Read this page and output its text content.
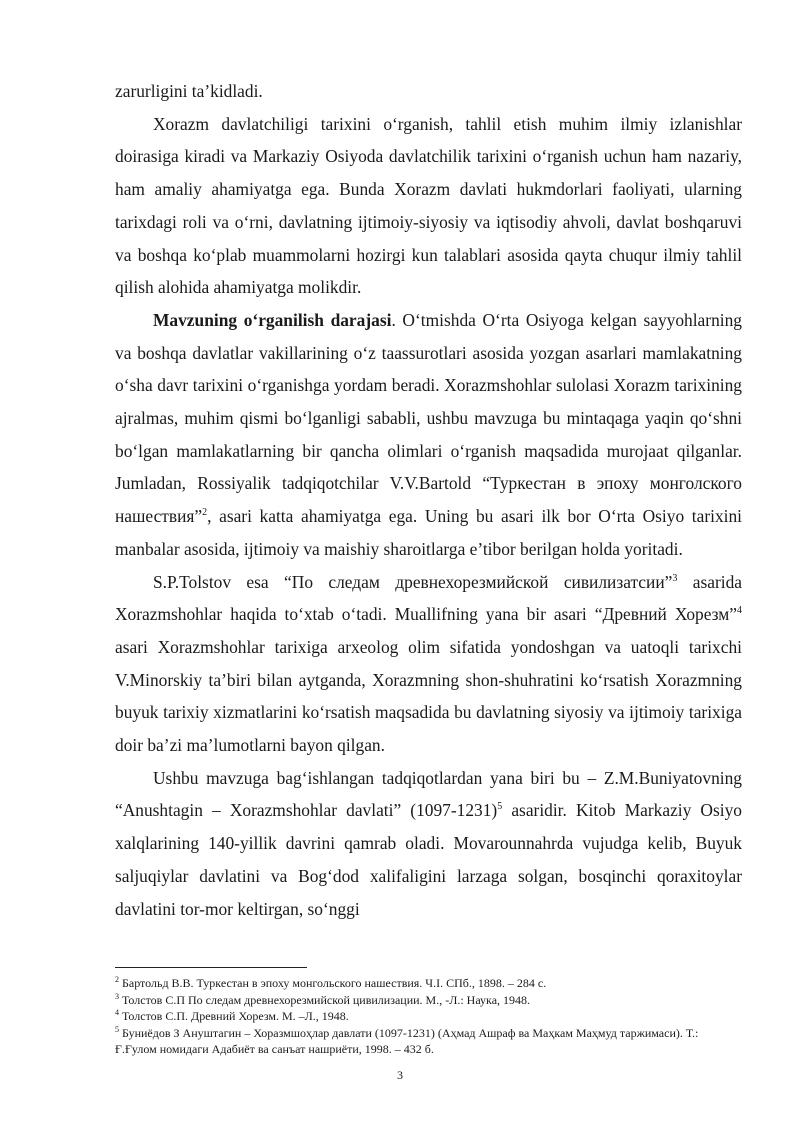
zarurligini ta’kidladi.

Xorazm davlatchiligi tarixini oʻrganish, tahlil etish muhim ilmiy izlanishlar doirasiga kiradi va Markaziy Osiyoda davlatchilik tarixini oʻrganish uchun ham nazariy, ham amaliy ahamiyatga ega. Bunda Xorazm davlati hukmdorlari faoliyati, ularning tarixdagi roli va oʻrni, davlatning ijtimoiy-siyosiy va iqtisodiy ahvoli, davlat boshqaruvi va boshqa koʻplab muammolarni hozirgi kun talablari asosida qayta chuqur ilmiy tahlil qilish alohida ahamiyatga molikdir.

Mavzuning oʻrganilish darajasi. Oʻtmishda Oʻrta Osiyoga kelgan sayyohlarning va boshqa davlatlar vakillarining oʻz taassurotlari asosida yozgan asarlari mamlakatning oʻsha davr tarixini oʻrganishga yordam beradi. Xorazmshohlar sulolasi Xorazm tarixining ajralmas, muhim qismi boʻlganligi sababli, ushbu mavzuga bu mintaqaga yaqin qoʻshni boʻlgan mamlakatlarning bir qancha olimlari oʻrganish maqsadida murojaat qilganlar. Jumladan, Rossiyalik tadqiqotchilar V.V.Bartold “Туркестан в эпоху монголского нашествия”$^2$, asari katta ahamiyatga ega. Uning bu asari ilk bor Oʻrta Osiyo tarixini manbalar asosida, ijtimoiy va maishiy sharoitlarga e’tibor berilgan holda yoritadi.

S.P.Tolstov esa “По следам древнехорезмийской сивилизатсии”$^3$ asarida Xorazmshohlar haqida toʻxtab oʻtadi. Muallifning yana bir asari “Древний Хорезм”$^4$ asari Xorazmshohlar tarixiga arxeolog olim sifatida yondoshgan va uatoqli tarixchi V.Minorskiy ta’biri bilan aytganda, Xorazmning shon-shuhratini koʻrsatish Xorazmning buyuk tarixiy xizmatlarini koʻrsatish maqsadida bu davlatning siyosiy va ijtimoiy tarixiga doir ba’zi ma’lumotlarni bayon qilgan.

Ushbu mavzuga bagʻishlangan tadqiqotlardan yana biri bu – Z.M.Buniyatovning “Anushtagin – Xorazmshohlar davlati” (1097-1231)$^5$ asaridir. Kitob Markaziy Osiyo xalqlarining 140-yillik davrini qamrab oladi. Movarounnahrda vujudga kelib, Buyuk saljuqiylar davlatini va Bogʻdod xalifaligini larzaga solgan, bosqinchi qoraxitoylar davlatini tor-mor keltirgan, soʻnggi

$^2$ Бартольд В.В. Туркестан в эпоху монгольского нашествия. Ч.I. СПб., 1898. – 284 с.

$^3$ Толстов С.П По следам древнехорезмийской цивилизации. М., -Л.: Наука, 1948.

$^4$ Толстов С.П. Древний Хорезм. М. –Л., 1948.

$^5$ Буниёдов З Ануштагин – Хоразмшоҳлар давлати (1097-1231) (Аҳмад Ашраф ва Маҳкам Маҳмуд таржимаси). Т.: Ғ.Ғулом номидаги Адабиёт ва санъат нашриёти, 1998. – 432 б.

3
